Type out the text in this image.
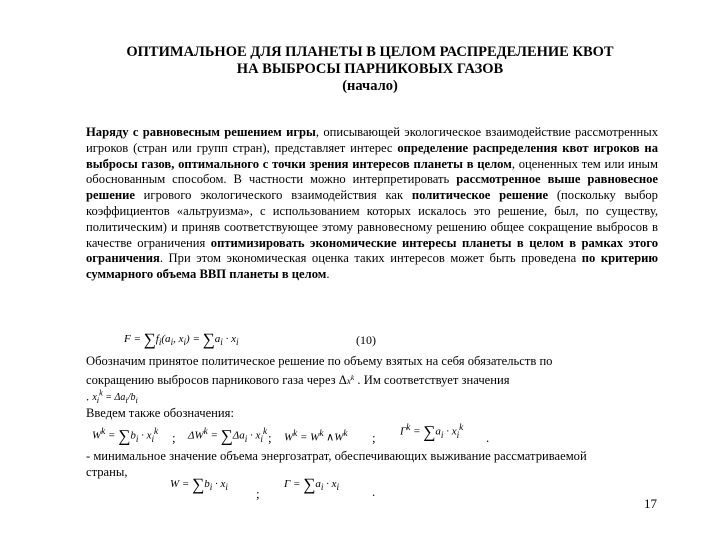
ОПТИМАЛЬНОЕ ДЛЯ ПЛАНЕТЫ В ЦЕЛОМ РАСПРЕДЕЛЕНИЕ КВОТ
НА ВЫБРОСЫ ПАРНИКОВЫХ ГАЗОВ
(начало)
Наряду с равновесным решением игры, описывающей экологическое взаимодействие рассмотренных игроков (стран или групп стран), представляет интерес определение распределения квот игроков на выбросы газов, оптимального с точки зрения интересов планеты в целом, оцененных тем или иным обоснованным способом. В частности можно интерпретировать рассмотренное выше равновесное решение игрового экологического взаимодействия как политическое решение (поскольку выбор коэффициентов «альтруизма», с использованием которых искалось это решение, был, по существу, политическим) и приняв соответствующее этому равновесному решению общее сокращение выбросов в качестве ограничения оптимизировать экономические интересы планеты в целом в рамках этого ограничения. При этом экономическая оценка таких интересов может быть проведена по критерию суммарного объема ВВП планеты в целом.
$F = \sum f_i(a_i$, $x_i) = \sum a_i \cdot x_i$	(10)
Обозначим принятое политическое решение по объему взятых на себя обязательств по
сокращению выбросов парникового газа через $\Delta x^k$ . Им соответствует значения
. $x_i^k = \Delta a_i/b_i$
Введем также обозначения:
$W^k = \sum b_i \cdot x_i^k$ ; $\Delta W^k = \sum\Delta a_i \cdot x_i^k$ ; $W^k = W^k$ $\wedge W^k$ ; $\Gamma^k = \sum a_i \cdot x_i^k$
.
- минимальное значение объема энергозатрат, обеспечивающих выживание рассматриваемой
страны,
$W = \sum b_i \cdot x_i$ ;
$\Gamma = \sum a_i \cdot x_i$	.
17
